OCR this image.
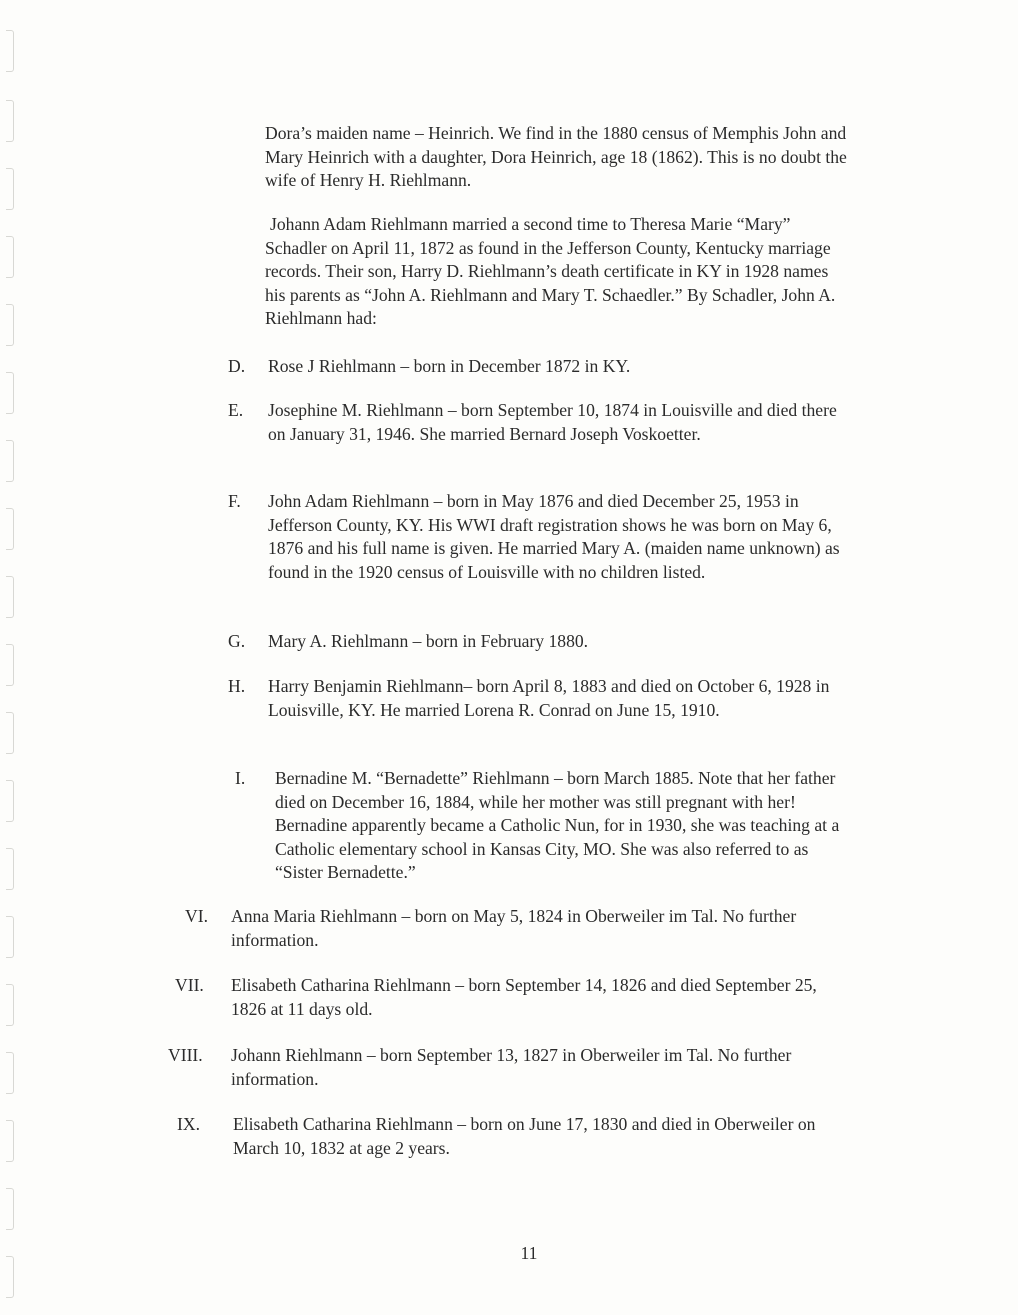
Dora’s maiden name – Heinrich. We find in the 1880 census of Memphis John and Mary Heinrich with a daughter, Dora Heinrich, age 18 (1862). This is no doubt the wife of Henry H. Riehlmann.

Johann Adam Riehlmann married a second time to Theresa Marie “Mary” Schadler on April 11, 1872 as found in the Jefferson County, Kentucky marriage records. Their son, Harry D. Riehlmann’s death certificate in KY in 1928 names his parents as “John A. Riehlmann and Mary T. Schaedler.” By Schadler, John A. Riehlmann had:

D. Rose J Riehlmann – born in December 1872 in KY.

E. Josephine M. Riehlmann – born September 10, 1874 in Louisville and died there on January 31, 1946. She married Bernard Joseph Voskoetter.

F. John Adam Riehlmann – born in May 1876 and died December 25, 1953 in Jefferson County, KY. His WWI draft registration shows he was born on May 6, 1876 and his full name is given. He married Mary A. (maiden name unknown) as found in the 1920 census of Louisville with no children listed.

G. Mary A. Riehlmann – born in February 1880.

H. Harry Benjamin Riehlmann– born April 8, 1883 and died on October 6, 1928 in Louisville, KY. He married Lorena R. Conrad on June 15, 1910.

I. Bernadine M. “Bernadette” Riehlmann – born March 1885. Note that her father died on December 16, 1884, while her mother was still pregnant with her! Bernadine apparently became a Catholic Nun, for in 1930, she was teaching at a Catholic elementary school in Kansas City, MO. She was also referred to as “Sister Bernadette.”

VI. Anna Maria Riehlmann – born on May 5, 1824 in Oberweiler im Tal. No further information.

VII. Elisabeth Catharina Riehlmann – born September 14, 1826 and died September 25, 1826 at 11 days old.

VIII. Johann Riehlmann – born September 13, 1827 in Oberweiler im Tal. No further information.

IX. Elisabeth Catharina Riehlmann – born on June 17, 1830 and died in Oberweiler on March 10, 1832 at age 2 years.

11
